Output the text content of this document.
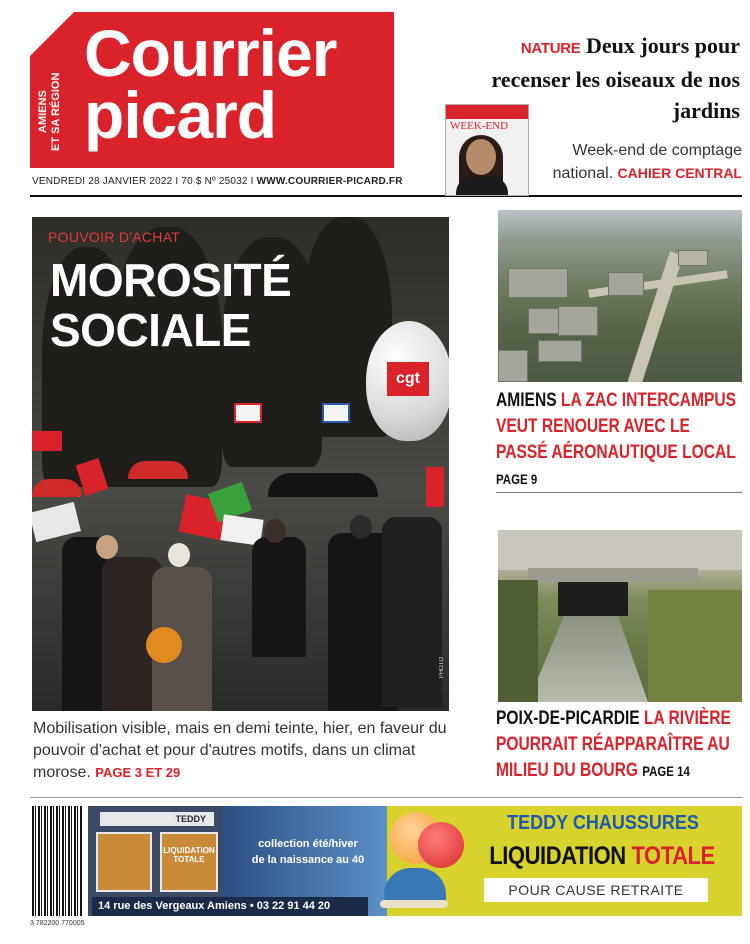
AMIENS ET SA RÉGION
Courrier
picard
VENDREDI 28 JANVIER 2022 I 70 $ Nº 25032 I WWW.COURRIER-PICARD.FR
NATURE Deux jours pour recenser les oiseaux de nos jardins
WEEK-END
Week-end de comptage national. CAHIER CENTRAL
cgt
PHOTO
POUVOIR D'ACHAT
MOROSITÉ
SOCIALE
Mobilisation visible, mais en demi teinte, hier, en faveur du pouvoir d'achat et pour d'autres motifs, dans un climat morose. PAGE 3 ET 29
AMIENS LA ZAC INTERCAMPUS VEUT RENOUER AVEC LE PASSÉ AÉRONAUTIQUE LOCAL PAGE 9
POIX-DE-PICARDIE LA RIVIÈRE POURRAIT RÉAPPARAÎTRE AU MILIEU DU BOURG PAGE 14
3 782200 770005
TEDDY
LIQUIDATION
TOTALE
collection été/hiver
de la naissance au 40
14 rue des Vergeaux Amiens • 03 22 91 44 20
TEDDY CHAUSSURES
LIQUIDATION TOTALE
POUR CAUSE RETRAITE
